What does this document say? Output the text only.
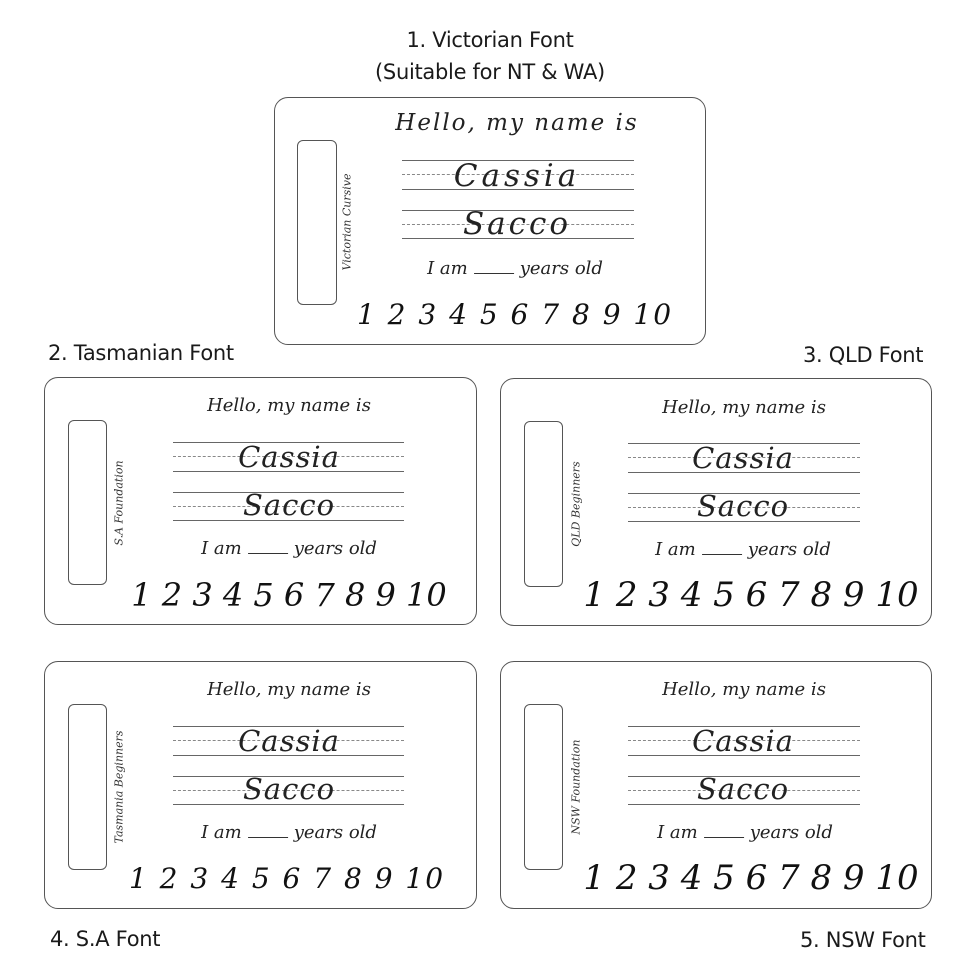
1. Victorian Font
(Suitable for NT & WA)
2. Tasmanian Font	3. QLD Font
4. S.A Font	5. NSW Font
Victorian Cursive
Hello, my name is
Cassia
Sacco
I am	years old
1 2 3 4 5 6 7 8 9 10
S.A Foundation
Hello, my name is
Cassia
Sacco
I am	years old
1 2 3 4 5 6 7 8 9 10
QLD Beginners
Hello, my name is
Cassia
Sacco
I am	years old
1 2 3 4 5 6 7 8 9 10
Tasmania Beginners
Hello, my name is
Cassia
Sacco
I am	years old
1 2 3 4 5 6 7 8 9 10
NSW Foundation
Hello, my name is
Cassia
Sacco
I am	years old
1 2 3 4 5 6 7 8 9 10
